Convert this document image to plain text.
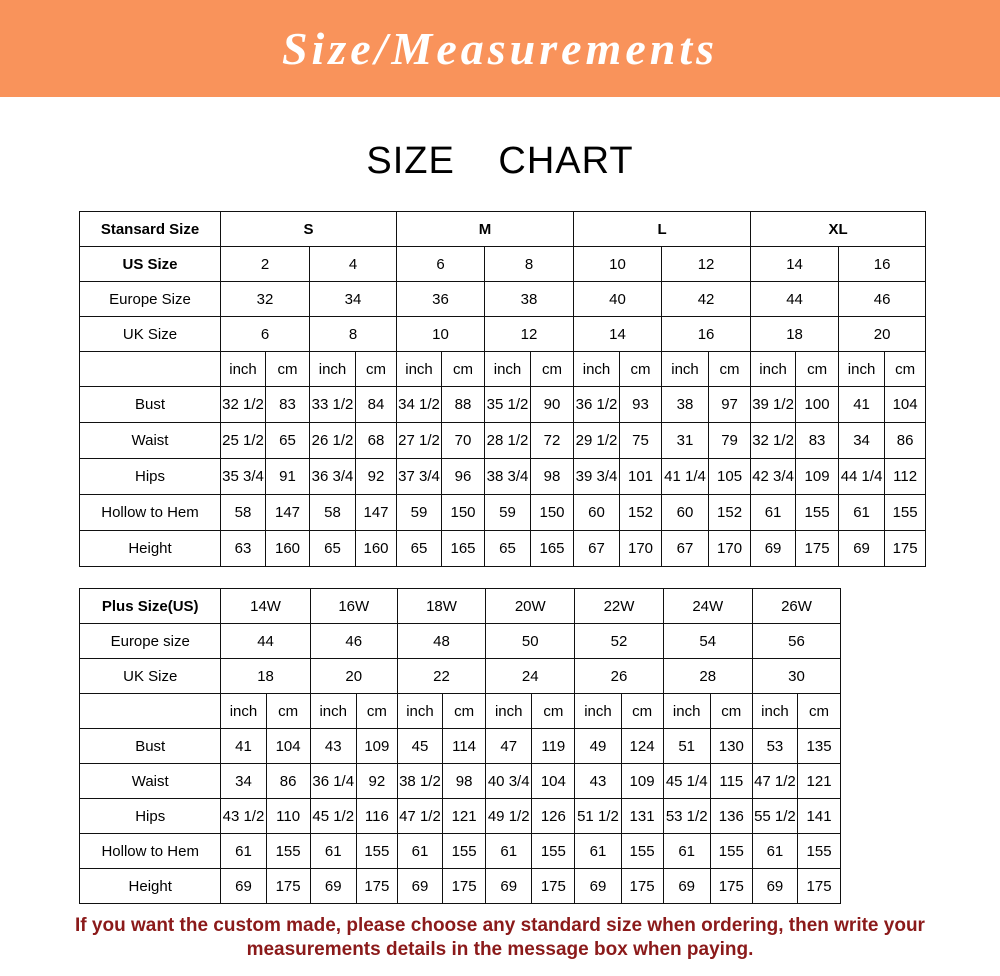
Size/Measurements
SIZE CHART
Stansard Size	S				M				L				XL			
US Size	2		4		6		8		10		12		14		16	
Europe Size	32		34		36		38		40		42		44		46	
UK Size	6		8		10		12		14		16		18		20	
	inch	cm	inch	cm	inch	cm	inch	cm	inch	cm	inch	cm	inch	cm	inch	cm
Bust	32 1/2	83	33 1/2	84	34 1/2	88	35 1/2	90	36 1/2	93	38	97	39 1/2	100	41	104
Waist	25 1/2	65	26 1/2	68	27 1/2	70	28 1/2	72	29 1/2	75	31	79	32 1/2	83	34	86
Hips	35 3/4	91	36 3/4	92	37 3/4	96	38 3/4	98	39 3/4	101	41 1/4	105	42 3/4	109	44 1/4	112
Hollow to Hem	58	147	58	147	59	150	59	150	60	152	60	152	61	155	61	155
Height	63	160	65	160	65	165	65	165	67	170	67	170	69	175	69	175
Plus Size(US)	14W		16W		18W		20W		22W		24W		26W		
Europe size	44		46		48		50		52		54		56		
UK Size	18		20		22		24		26		28		30		
	inch	cm	inch	cm	inch	cm	inch	cm	inch	cm	inch	cm	inch	cm	
Bust	41	104	43	109	45	114	47	119	49	124	51	130	53	135	
Waist	34	86	36 1/4	92	38 1/2	98	40 3/4	104	43	109	45 1/4	115	47 1/2	121	
Hips	43 1/2	110	45 1/2	116	47 1/2	121	49 1/2	126	51 1/2	131	53 1/2	136	55 1/2	141	
Hollow to Hem	61	155	61	155	61	155	61	155	61	155	61	155	61	155	
Height	69	175	69	175	69	175	69	175	69	175	69	175	69	175	
If you want the custom made, please choose any standard size when ordering, then write your
measurements details in the message box when paying.
